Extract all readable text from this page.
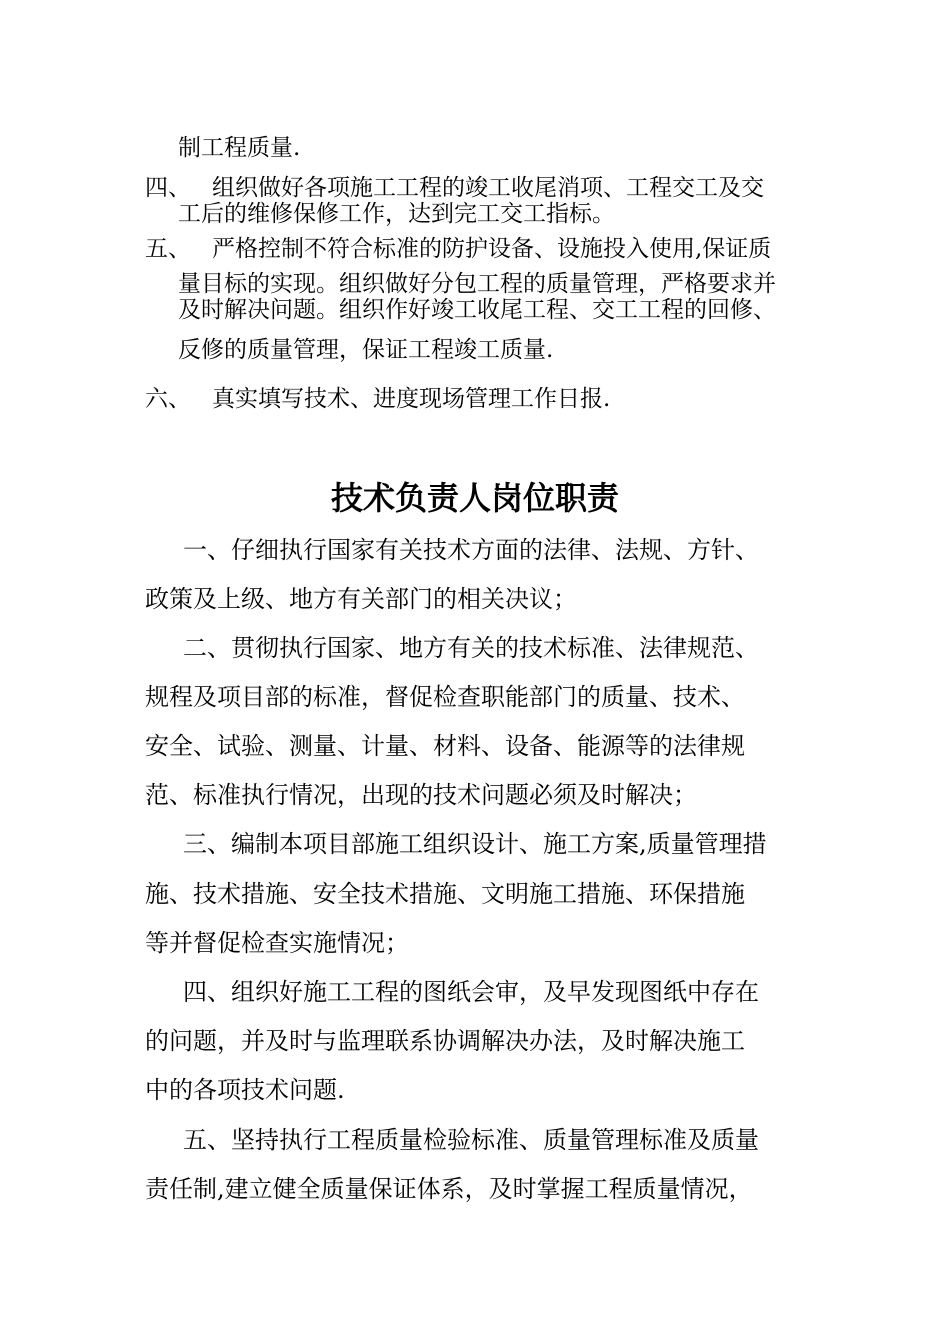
制工程质量.
四、 组织做好各项施工工程的竣工收尾消项、工程交工及交
工后的维修保修工作，达到完工交工指标。
五、 严格控制不符合标准的防护设备、设施投入使用,保证质
量目标的实现。组织做好分包工程的质量管理，严格要求并
及时解决问题。组织作好竣工收尾工程、交工工程的回修、
反修的质量管理，保证工程竣工质量.
六、 真实填写技术、进度现场管理工作日报.
技术负责人岗位职责
一、仔细执行国家有关技术方面的法律、法规、方针、
政策及上级、地方有关部门的相关决议；
二、贯彻执行国家、地方有关的技术标准、法律规范、
规程及项目部的标准，督促检查职能部门的质量、技术、
安全、试验、测量、计量、材料、设备、能源等的法律规
范、标准执行情况，出现的技术问题必须及时解决；
三、编制本项目部施工组织设计、施工方案,质量管理措
施、技术措施、安全技术措施、文明施工措施、环保措施
等并督促检查实施情况；
四、组织好施工工程的图纸会审，及早发现图纸中存在
的问题，并及时与监理联系协调解决办法，及时解决施工
中的各项技术问题.
五、坚持执行工程质量检验标准、质量管理标准及质量
责任制,建立健全质量保证体系，及时掌握工程质量情况，
